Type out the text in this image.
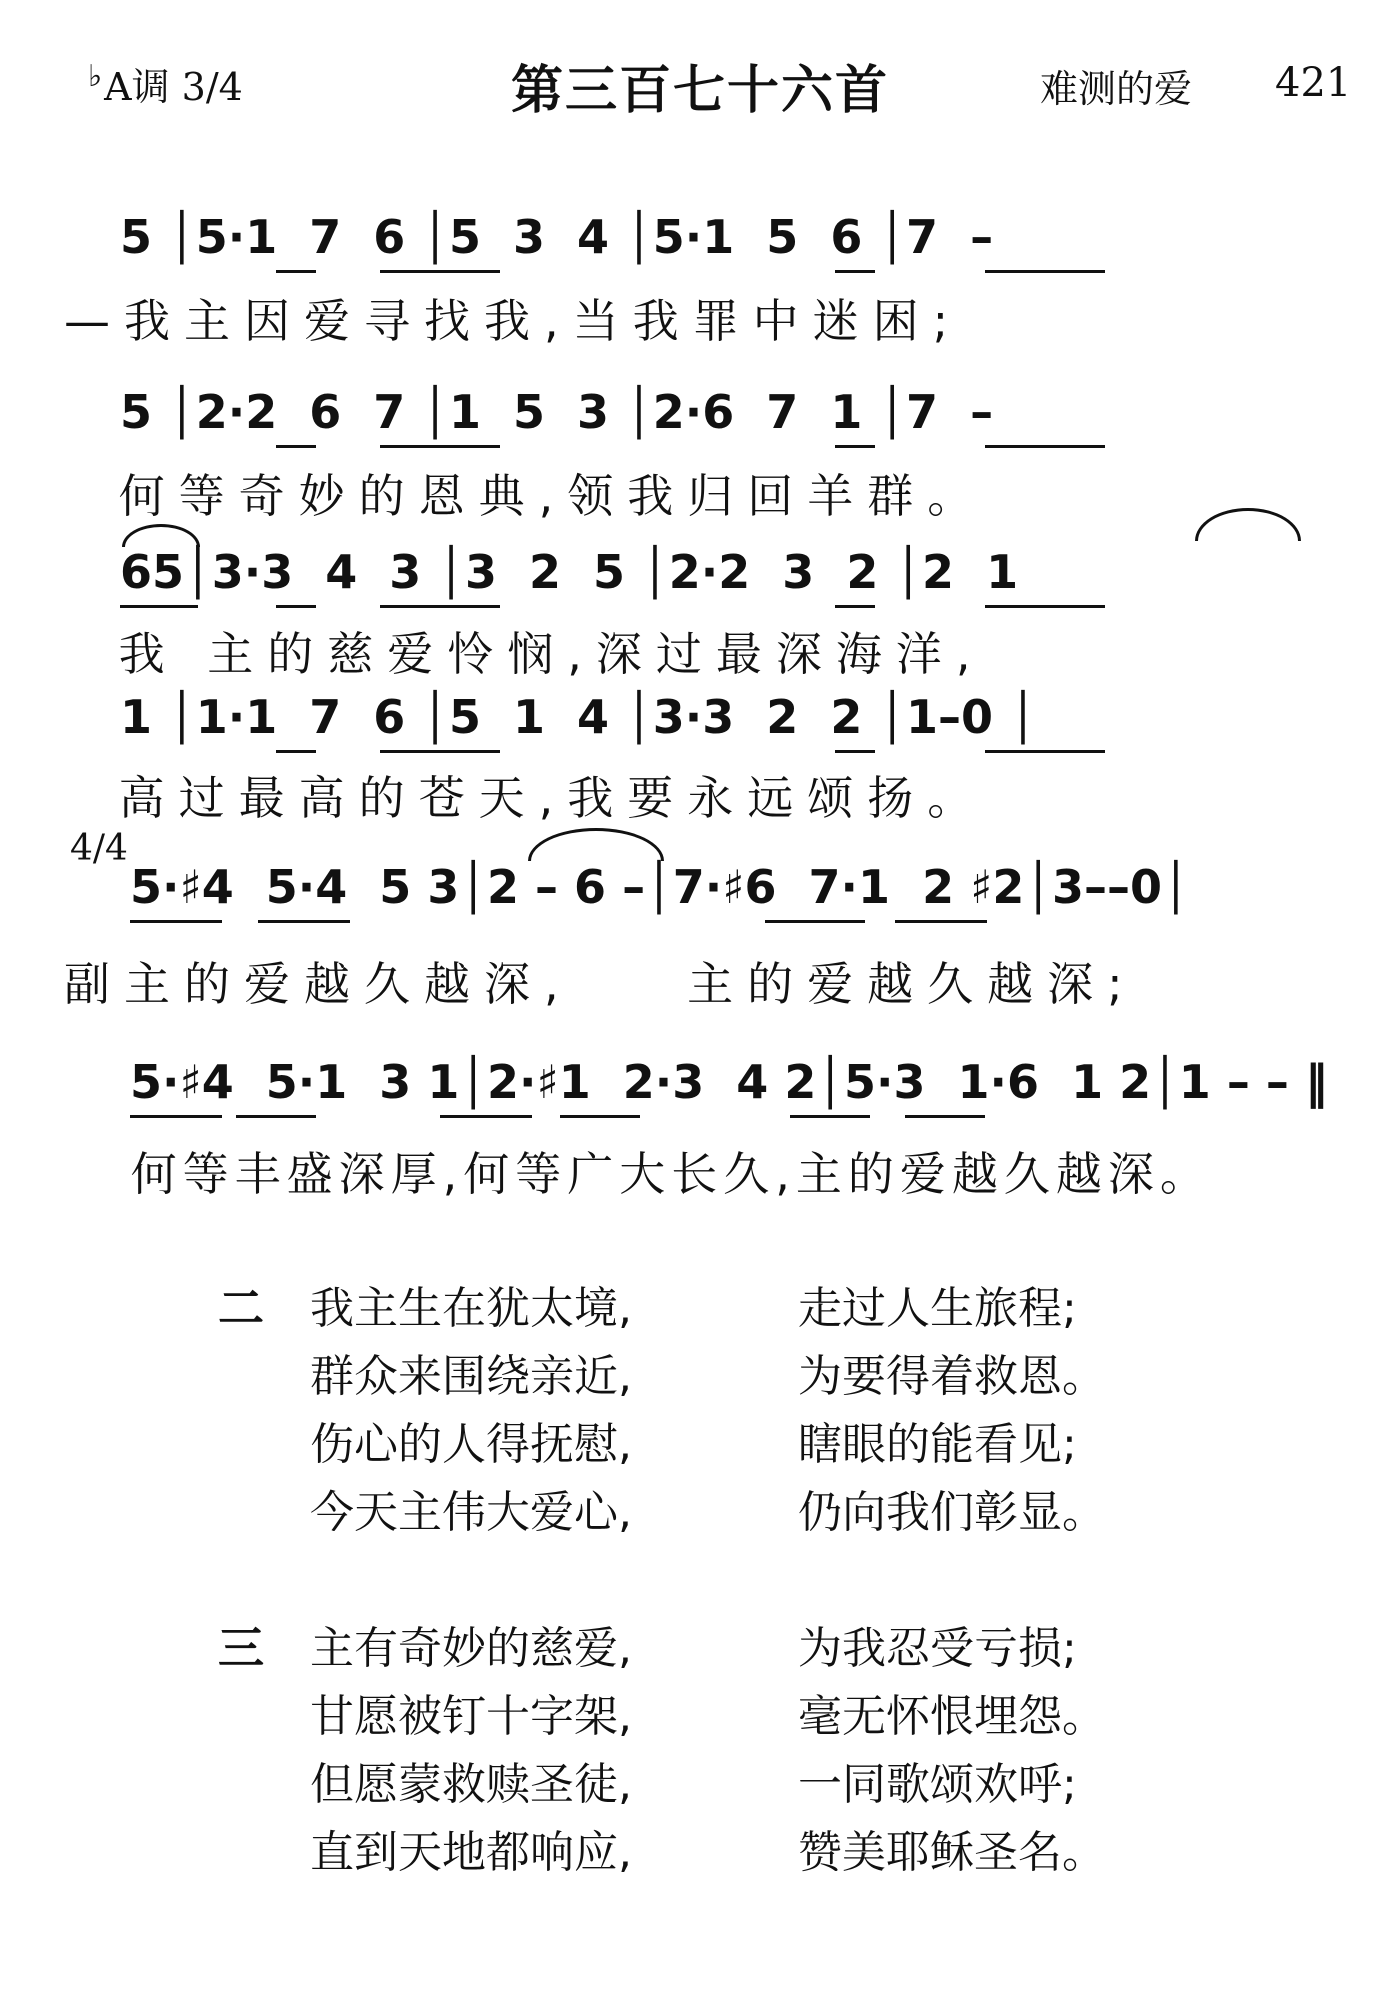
♭A调 3/4	第三百七十六首	难测的爱 421
5 │5·1  7  6 │5  3  4 │5·1  5  6 │7  –
—我主因爱寻找我,当我罪中迷困;
5 │2·2  6  7 │1  5  3 │2·6  7  1 │7  –
何等奇妙的恩典,领我归回羊群。
65│3·3  4  3 │3  2  5 │2·2  3  2 │2  1
我 主的慈爱怜悯,深过最深海洋,
1 │1·1  7  6 │5  1  4 │3·3  2  2 │1–0 │
高过最高的苍天,我要永远颂扬。
4/4
5·♯4  5·4  5 3│2 – 6 –│7·♯6  7·1  2 ♯2│3––0│
副主的爱越久越深,    主的爱越久越深;
5·♯4  5·1  3 1│2·♯1  2·3  4 2│5·3  1·6  1 2│1 – – ‖
何等丰盛深厚,何等广大长久,主的爱越久越深。
二 我主生在犹太境,	走过人生旅程;
群众来围绕亲近,	为要得着救恩。
伤心的人得抚慰,	瞎眼的能看见;
今天主伟大爱心,	仍向我们彰显。
三 主有奇妙的慈爱,	为我忍受亏损;
甘愿被钉十字架,	毫无怀恨埋怨。
但愿蒙救赎圣徒,	一同歌颂欢呼;
直到天地都响应,	赞美耶稣圣名。
